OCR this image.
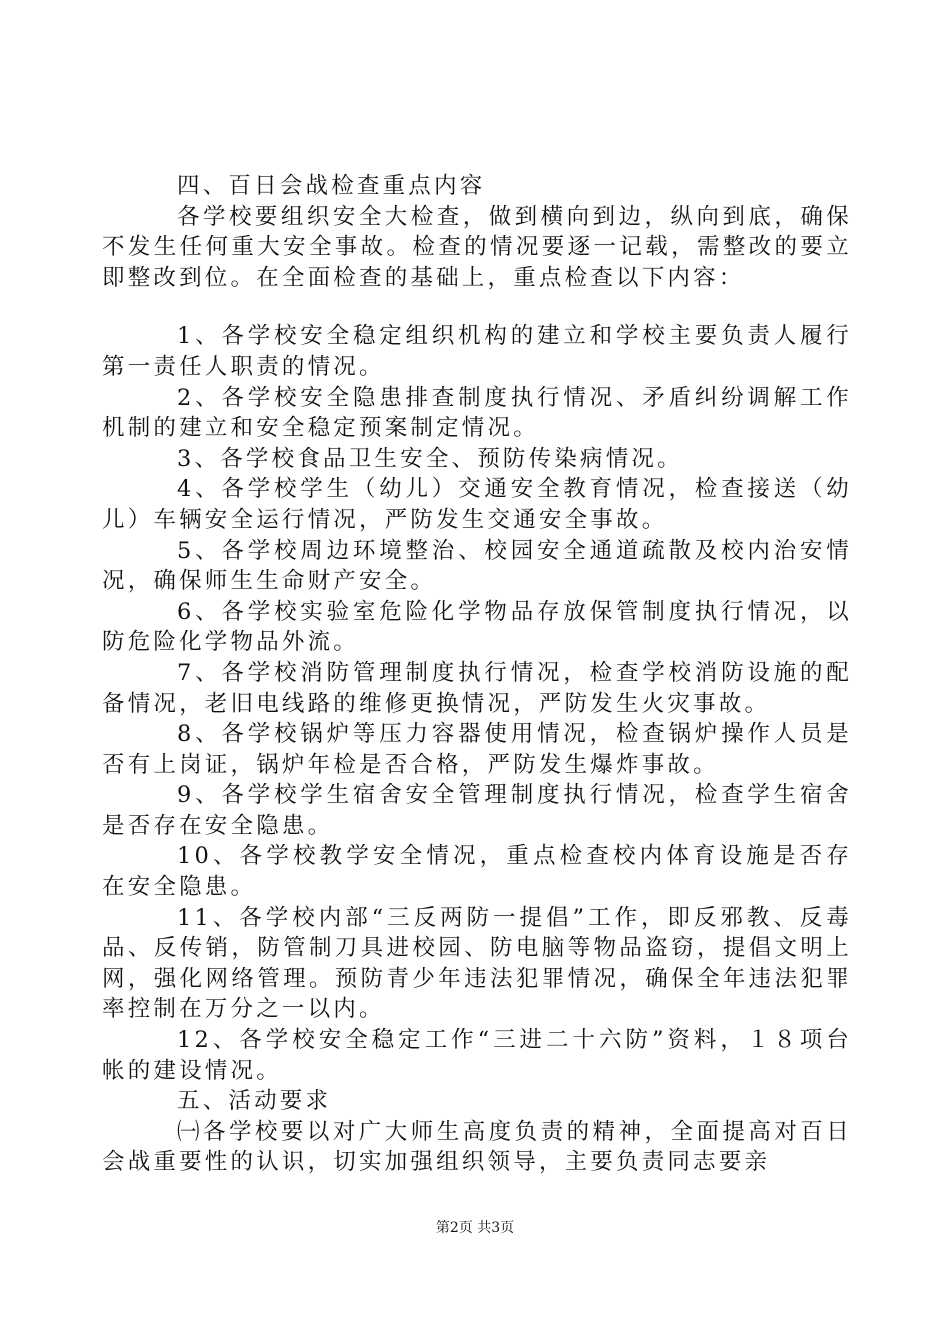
四、百日会战检查重点内容

各学校要组织安全大检查，做到横向到边，纵向到底，确保不发生任何重大安全事故。检查的情况要逐一记载，需整改的要立即整改到位。在全面检查的基础上，重点检查以下内容：

1、各学校安全稳定组织机构的建立和学校主要负责人履行第一责任人职责的情况。

2、各学校安全隐患排查制度执行情况、矛盾纠纷调解工作机制的建立和安全稳定预案制定情况。

3、各学校食品卫生安全、预防传染病情况。

4、各学校学生（幼儿）交通安全教育情况，检查接送（幼儿）车辆安全运行情况，严防发生交通安全事故。

5、各学校周边环境整治、校园安全通道疏散及校内治安情况，确保师生生命财产安全。

6、各学校实验室危险化学物品存放保管制度执行情况，以防危险化学物品外流。

7、各学校消防管理制度执行情况，检查学校消防设施的配备情况，老旧电线路的维修更换情况，严防发生火灾事故。

8、各学校锅炉等压力容器使用情况，检查锅炉操作人员是否有上岗证，锅炉年检是否合格，严防发生爆炸事故。

9、各学校学生宿舍安全管理制度执行情况，检查学生宿舍是否存在安全隐患。

10、各学校教学安全情况，重点检查校内体育设施是否存在安全隐患。

11、各学校内部“三反两防一提倡”工作，即反邪教、反毒品、反传销，防管制刀具进校园、防电脑等物品盗窃，提倡文明上网，强化网络管理。预防青少年违法犯罪情况，确保全年违法犯罪率控制在万分之一以内。

12、各学校安全稳定工作“三进二十六防”资料，１８项台帐的建设情况。

五、活动要求

㈠各学校要以对广大师生高度负责的精神，全面提高对百日会战重要性的认识，切实加强组织领导，主要负责同志要亲

第2页 共3页
